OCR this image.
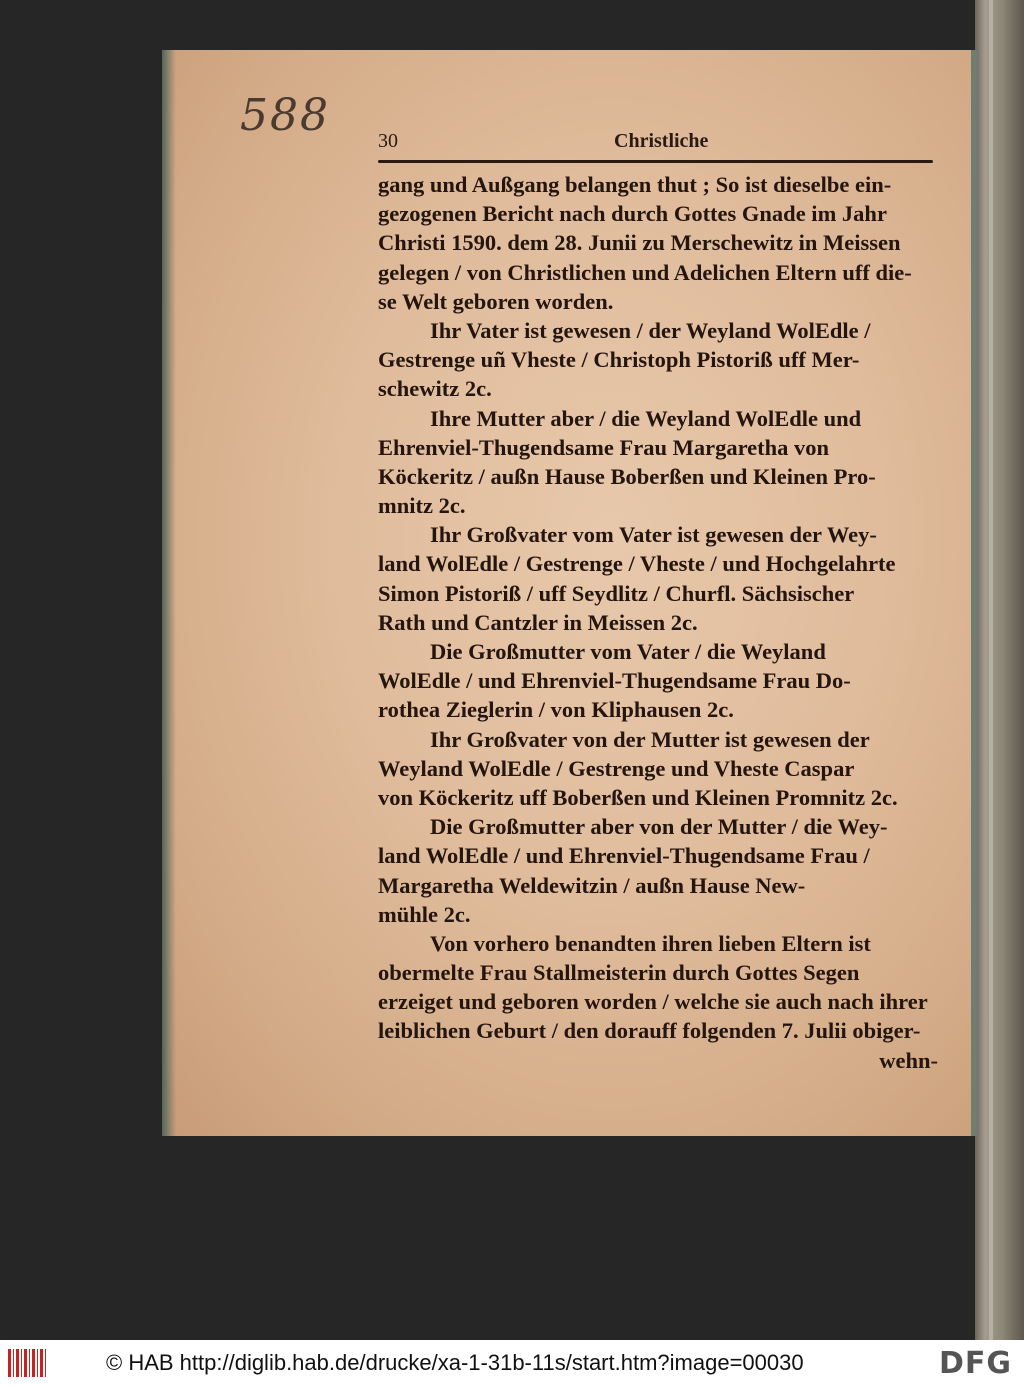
588 30	Christliche
gang und Außgang belangen thut ; So ist dieselbe ein-
gezogenen Bericht nach durch Gottes Gnade im Jahr
Christi 1590. dem 28. Junii zu Merschewitz in Meissen
gelegen / von Christlichen und Adelichen Eltern uff die-
se Welt geboren worden.
Ihr Vater ist gewesen / der Weyland WolEdle /
Gestrenge uñ Vheste / Christoph Pistoriß uff Mer-
schewitz 2c.
Ihre Mutter aber / die Weyland WolEdle und
Ehrenviel-Thugendsame Frau Margaretha von
Köckeritz / außn Hause Boberßen und Kleinen Pro-
mnitz 2c.
Ihr Großvater vom Vater ist gewesen der Wey-
land WolEdle / Gestrenge / Vheste / und Hochgelahrte
Simon Pistoriß / uff Seydlitz / Churfl. Sächsischer
Rath und Cantzler in Meissen 2c.
Die Großmutter vom Vater / die Weyland
WolEdle / und Ehrenviel-Thugendsame Frau Do-
rothea Zieglerin / von Kliphausen 2c.
Ihr Großvater von der Mutter ist gewesen der
Weyland WolEdle / Gestrenge und Vheste Caspar
von Köckeritz uff Boberßen und Kleinen Promnitz 2c.
Die Großmutter aber von der Mutter / die Wey-
land WolEdle / und Ehrenviel-Thugendsame Frau /
Margaretha Weldewitzin / außn Hause New-
mühle 2c.
Von vorhero benandten ihren lieben Eltern ist
obermelte Frau Stallmeisterin durch Gottes Segen
erzeiget und geboren worden / welche sie auch nach ihrer
leiblichen Geburt / den dorauff folgenden 7. Julii obiger-
wehn-
© HAB http://diglib.hab.de/drucke/xa-1-31b-11s/start.htm?image=00030	DFG
